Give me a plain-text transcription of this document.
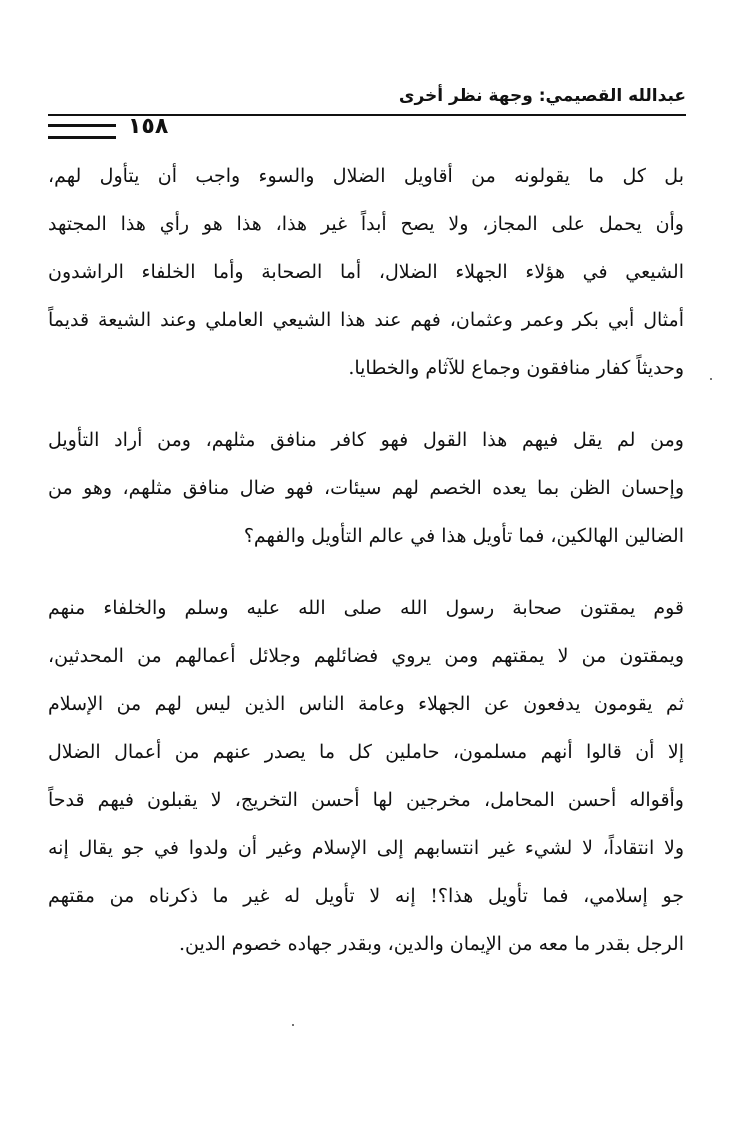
عبدالله القصيمي: وجهة نظر أخرى
١٥٨
بل كل ما يقولونه من أقاويل الضلال والسوء واجب أن يتأول لهم،
وأن يحمل على المجاز، ولا يصح أبداً غير هذا، هذا هو رأي هذا المجتهد
الشيعي في هؤلاء الجهلاء الضلال، أما الصحابة وأما الخلفاء الراشدون
أمثال أبي بكر وعمر وعثمان، فهم عند هذا الشيعي العاملي وعند الشيعة قديماً
وحديثاً كفار منافقون وجماع للآثام والخطايا.
ومن لم يقل فيهم هذا القول فهو كافر منافق مثلهم، ومن أراد التأويل
وإحسان الظن بما يعده الخصم لهم سيئات، فهو ضال منافق مثلهم، وهو من
الضالين الهالكين، فما تأويل هذا في عالم التأويل والفهم؟
قوم يمقتون صحابة رسول الله صلى الله عليه وسلم والخلفاء منهم
ويمقتون من لا يمقتهم ومن يروي فضائلهم وجلائل أعمالهم من المحدثين،
ثم يقومون يدفعون عن الجهلاء وعامة الناس الذين ليس لهم من الإسلام
إلا أن قالوا أنهم مسلمون، حاملين كل ما يصدر عنهم من أعمال الضلال
وأقواله أحسن المحامل، مخرجين لها أحسن التخريج، لا يقبلون فيهم قدحاً
ولا انتقاداً، لا لشيء غير انتسابهم إلى الإسلام وغير أن ولدوا في جو يقال إنه
جو إسلامي، فما تأويل هذا؟! إنه لا تأويل له غير ما ذكرناه من مقتهم
الرجل بقدر ما معه من الإيمان والدين، وبقدر جهاده خصوم الدين.
